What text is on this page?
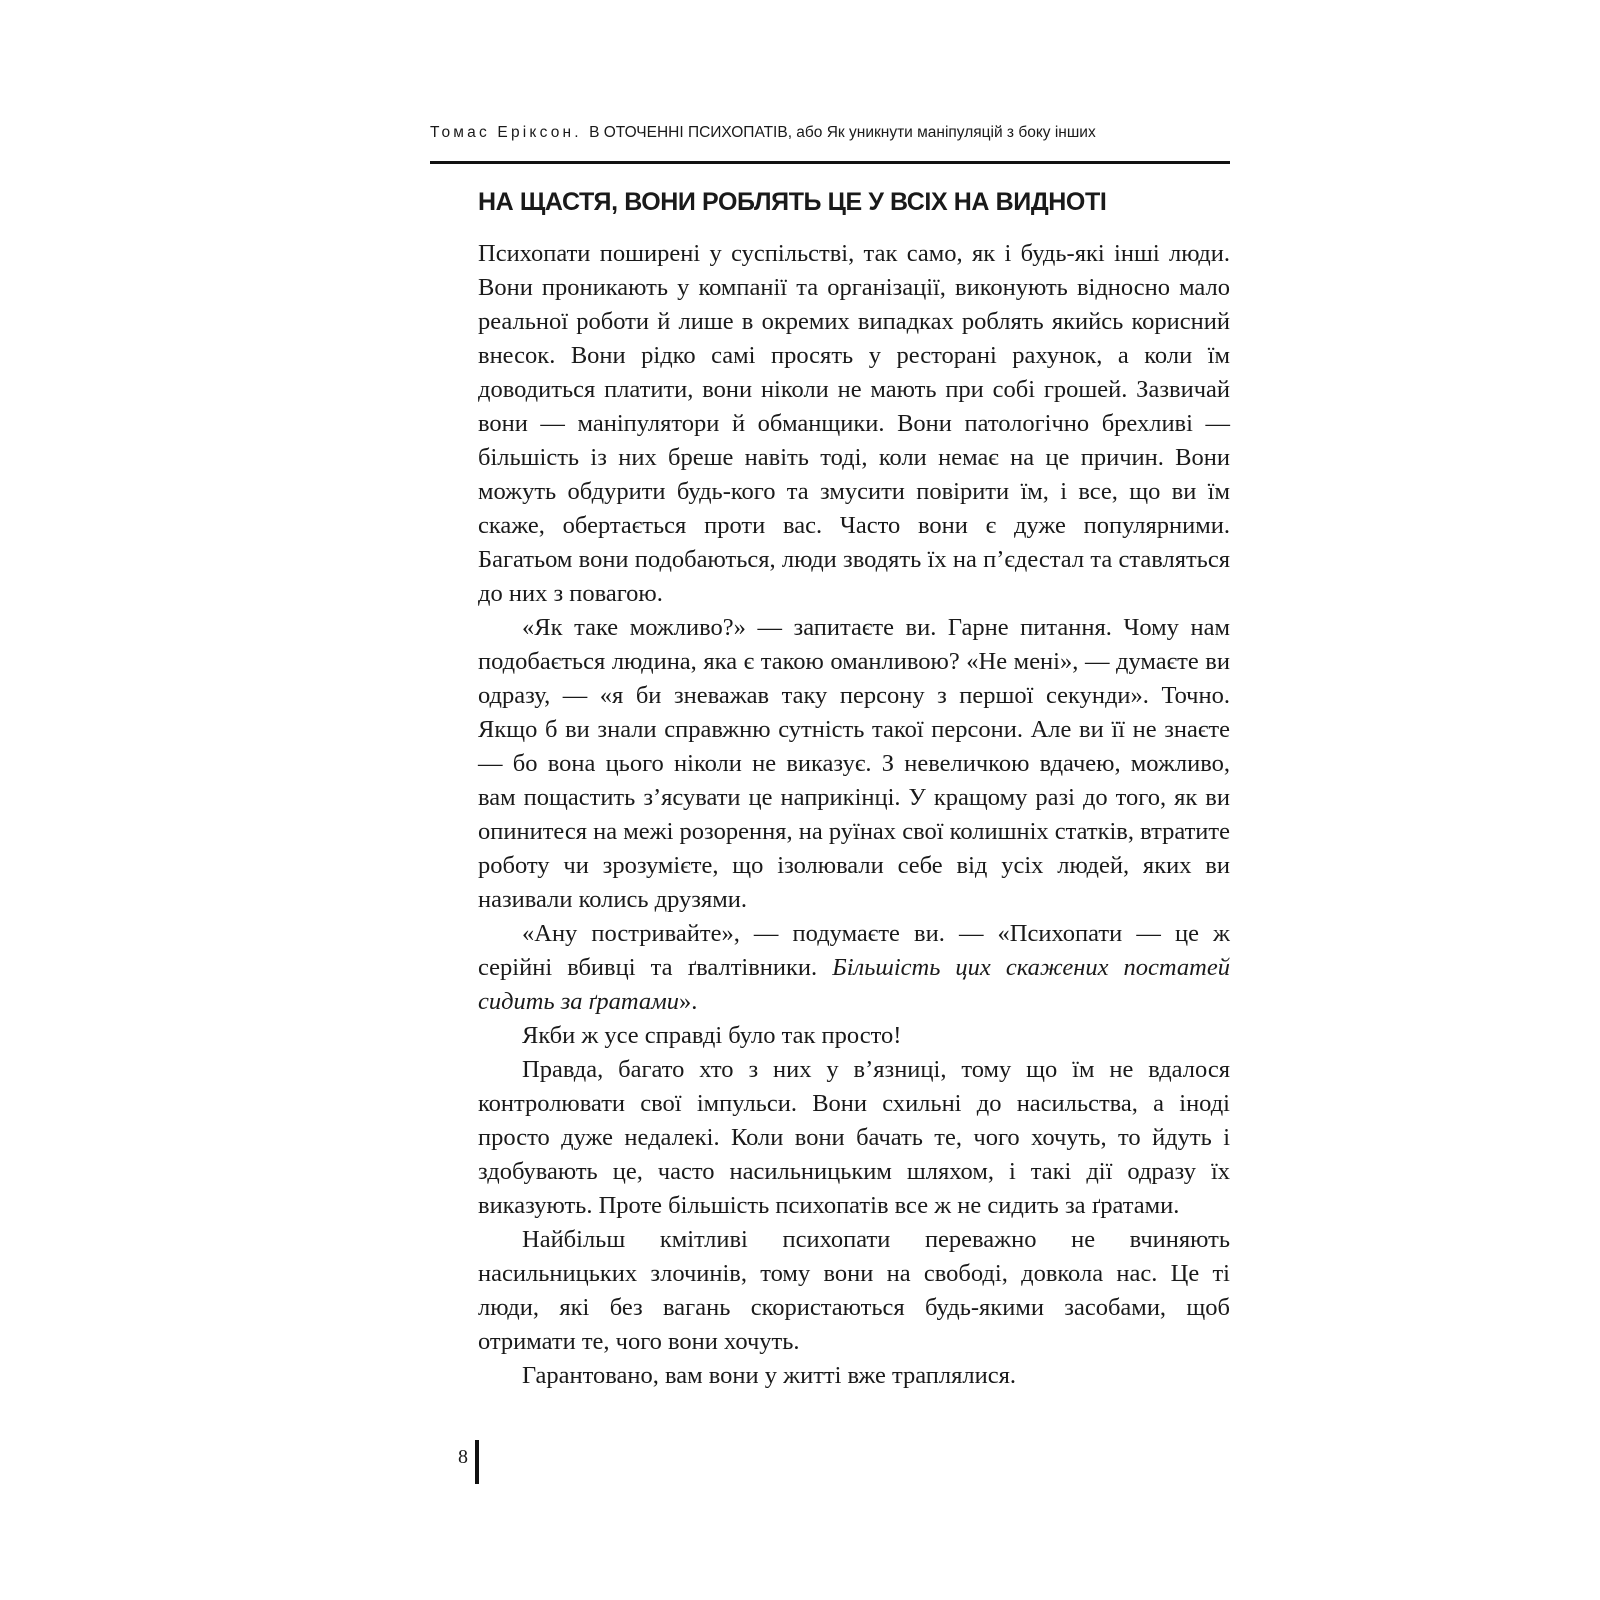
Томас Еріксон. В ОТОЧЕННІ ПСИХОПАТІВ, або Як уникнути маніпуляцій з боку інших
НА ЩАСТЯ, ВОНИ РОБЛЯТЬ ЦЕ У ВСІХ НА ВИДНОТІ

Психопати поширені у суспільстві, так само, як і будь-які інші люди. Вони проникають у компанії та організації, виконують відносно мало реальної роботи й лише в окремих випадках роблять якийсь корисний внесок. Вони рідко самі просять у ресторані рахунок, а коли їм доводиться платити, вони ніколи не мають при собі грошей. Зазвичай вони — маніпулятори й обманщики. Вони патологічно брехливі — більшість із них бреше навіть тоді, коли немає на це причин. Вони можуть обдурити будь-кого та змусити повірити їм, і все, що ви їм скаже, обертається проти вас. Часто вони є дуже популярними. Багатьом вони подобаються, люди зводять їх на п’єдестал та ставляться до них з повагою.

«Як таке можливо?» — запитаєте ви. Гарне питання. Чому нам подобається людина, яка є такою оманливою? «Не мені», — думаєте ви одразу, — «я би зневажав таку персону з першої секунди». Точно. Якщо б ви знали справжню сутність такої персони. Але ви її не знаєте — бо вона цього ніколи не виказує. З невеличкою вдачею, можливо, вам пощастить з’ясувати це наприкінці. У кращому разі до того, як ви опинитеся на межі розорення, на руїнах свої колишніх статків, втратите роботу чи зрозумієте, що ізолювали себе від усіх людей, яких ви називали колись друзями.

«Ану постривайте», — подумаєте ви. — «Психопати — це ж серійні вбивці та ґвалтівники. Більшість цих скажених постатей сидить за ґратами».

Якби ж усе справді було так просто!

Правда, багато хто з них у в’язниці, тому що їм не вдалося контролювати свої імпульси. Вони схильні до насильства, а іноді просто дуже недалекі. Коли вони бачать те, чого хочуть, то йдуть і здобувають це, часто насильницьким шляхом, і такі дії одразу їх виказують. Проте більшість психопатів все ж не сидить за ґратами.

Найбільш кмітливі психопати переважно не вчиняють насильницьких злочинів, тому вони на свободі, довкола нас. Це ті люди, які без вагань скористаються будь-якими засобами, щоб отримати те, чого вони хочуть.

Гарантовано, вам вони у житті вже траплялися.

8
